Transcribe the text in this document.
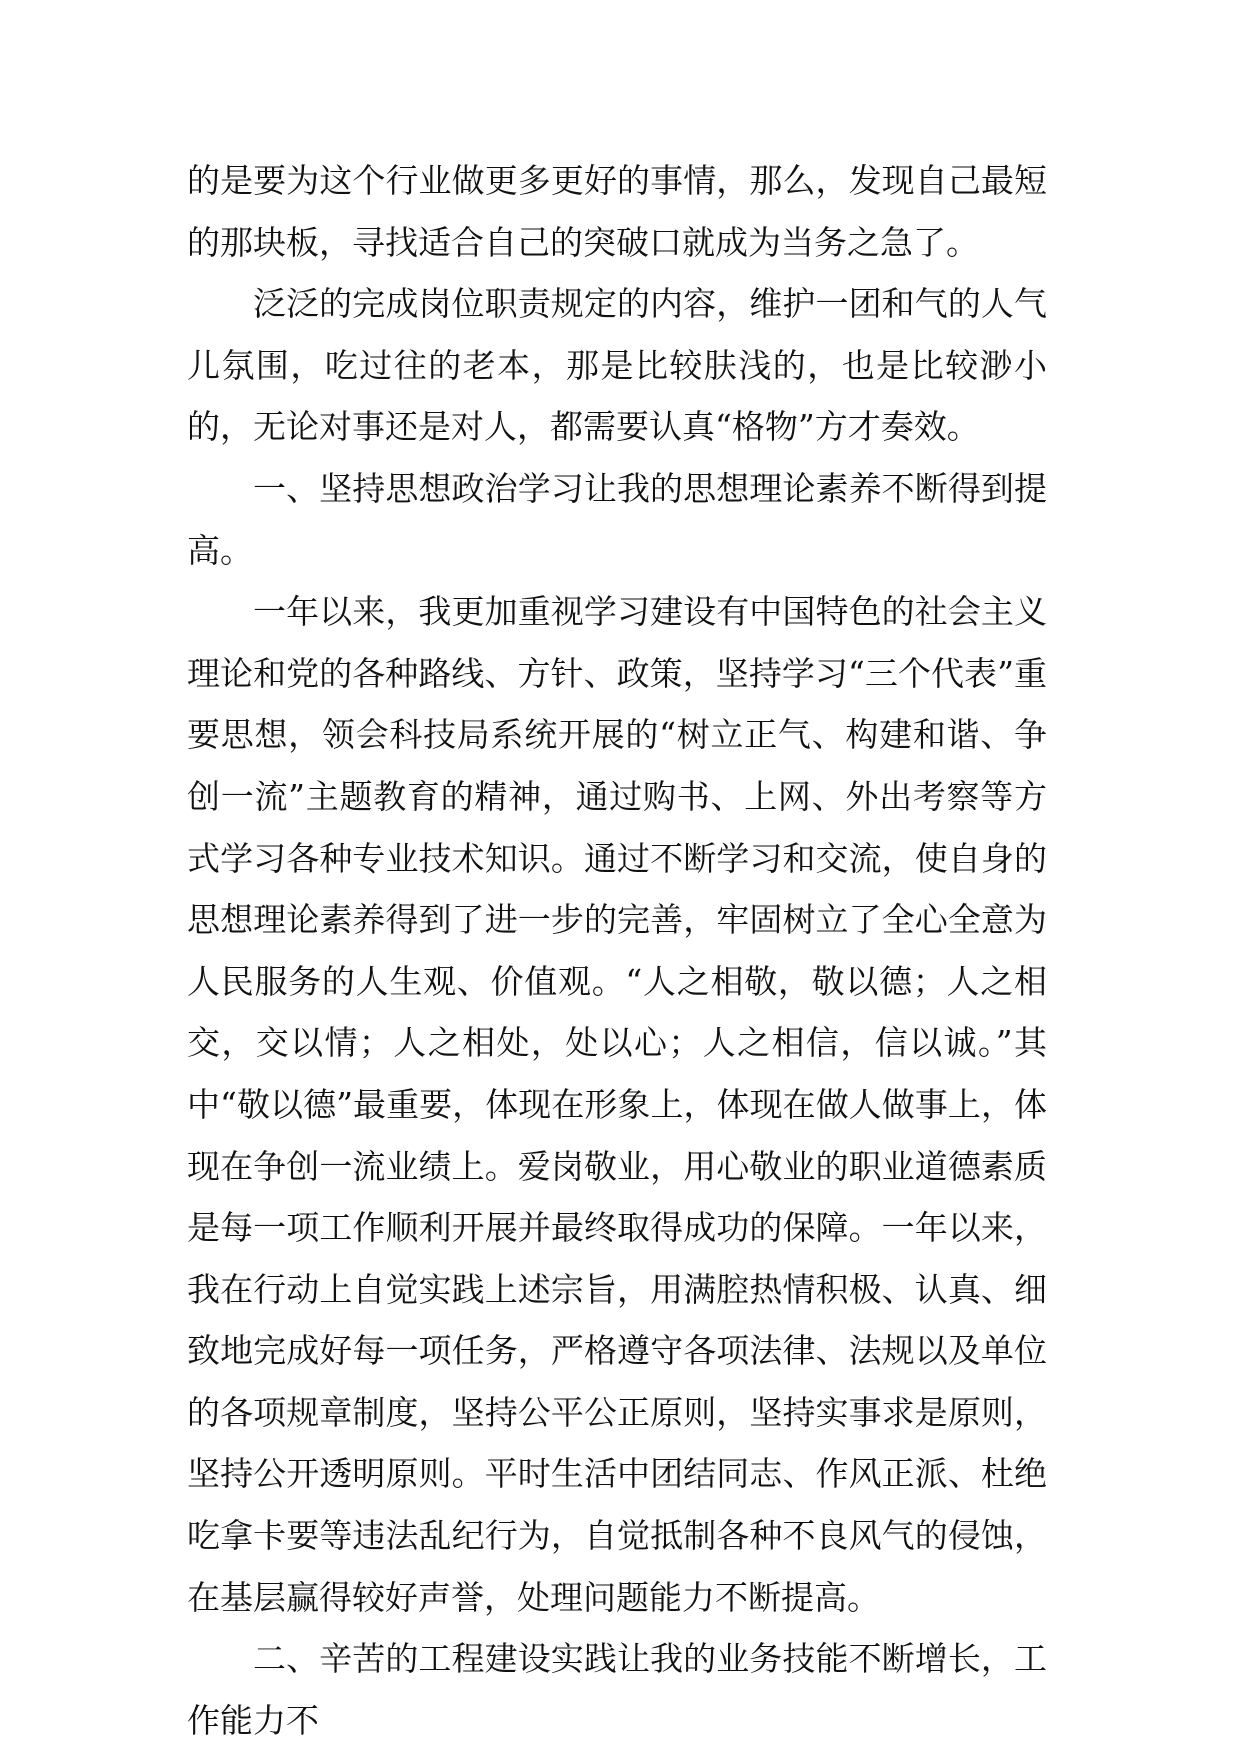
的是要为这个行业做更多更好的事情，那么，发现自己最短的那块板，寻找适合自己的突破口就成为当务之急了。

泛泛的完成岗位职责规定的内容，维护一团和气的人气儿氛围，吃过往的老本，那是比较肤浅的，也是比较渺小的，无论对事还是对人，都需要认真“格物”方才奏效。

一、坚持思想政治学习让我的思想理论素养不断得到提高。

一年以来，我更加重视学习建设有中国特色的社会主义理论和党的各种路线、方针、政策，坚持学习“三个代表”重要思想，领会科技局系统开展的“树立正气、构建和谐、争创一流”主题教育的精神，通过购书、上网、外出考察等方式学习各种专业技术知识。通过不断学习和交流，使自身的思想理论素养得到了进一步的完善，牢固树立了全心全意为人民服务的人生观、价值观。“人之相敬，敬以德；人之相交，交以情；人之相处，处以心；人之相信，信以诚。”其中“敬以德”最重要，体现在形象上，体现在做人做事上，体现在争创一流业绩上。爱岗敬业，用心敬业的职业道德素质是每一项工作顺利开展并最终取得成功的保障。一年以来，我在行动上自觉实践上述宗旨，用满腔热情积极、认真、细致地完成好每一项任务，严格遵守各项法律、法规以及单位的各项规章制度，坚持公平公正原则，坚持实事求是原则，坚持公开透明原则。平时生活中团结同志、作风正派、杜绝吃拿卡要等违法乱纪行为，自觉抵制各种不良风气的侵蚀，在基层赢得较好声誉，处理问题能力不断提高。

二、辛苦的工程建设实践让我的业务技能不断增长，工作能力不
